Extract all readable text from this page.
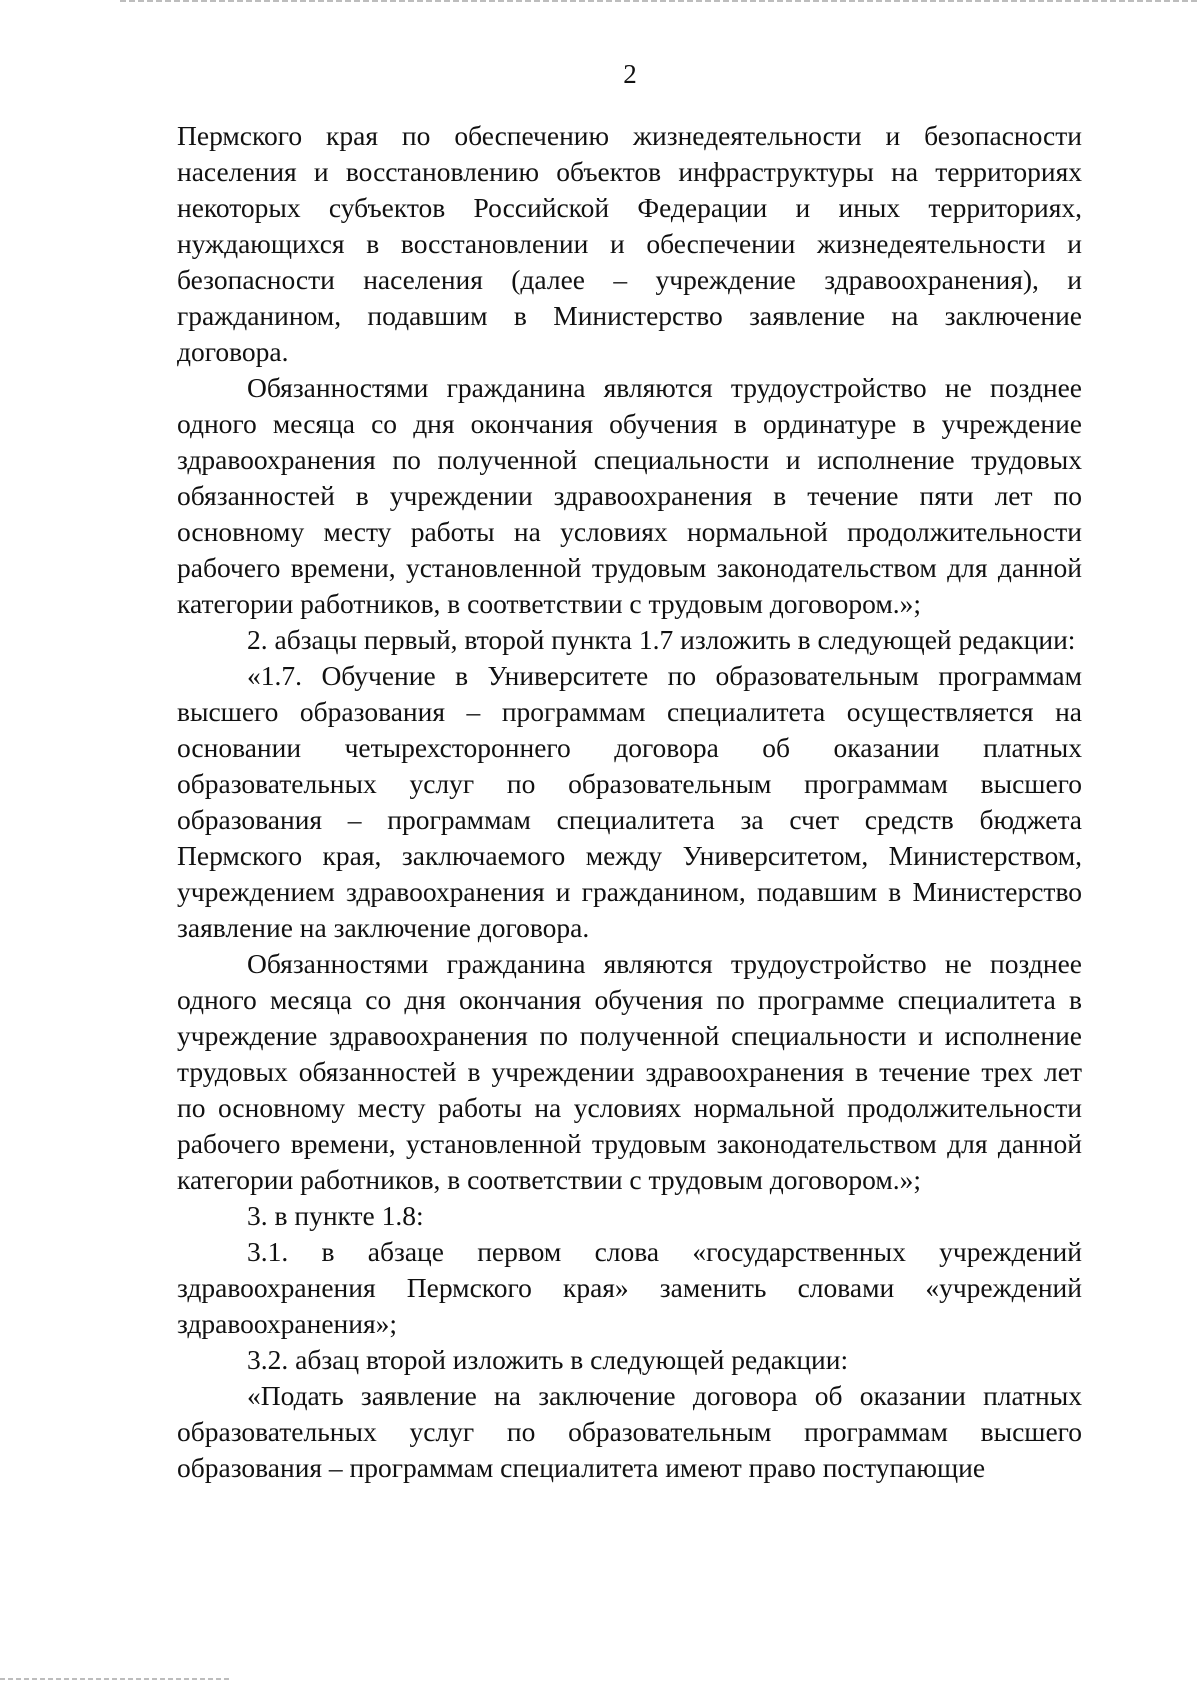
2

Пермского края по обеспечению жизнедеятельности и безопасности населения и восстановлению объектов инфраструктуры на территориях некоторых субъектов Российской Федерации и иных территориях, нуждающихся в восстановлении и обеспечении жизнедеятельности и безопасности населения (далее – учреждение здравоохранения), и гражданином, подавшим в Министерство заявление на заключение договора.

Обязанностями гражданина являются трудоустройство не позднее одного месяца со дня окончания обучения в ординатуре в учреждение здравоохранения по полученной специальности и исполнение трудовых обязанностей в учреждении здравоохранения в течение пяти лет по основному месту работы на условиях нормальной продолжительности рабочего времени, установленной трудовым законодательством для данной категории работников, в соответствии с трудовым договором.»;

2. абзацы первый, второй пункта 1.7 изложить в следующей редакции:

«1.7. Обучение в Университете по образовательным программам высшего образования – программам специалитета осуществляется на основании четырехстороннего договора об оказании платных образовательных услуг по образовательным программам высшего образования – программам специалитета за счет средств бюджета Пермского края, заключаемого между Университетом, Министерством, учреждением здравоохранения и гражданином, подавшим в Министерство заявление на заключение договора.

Обязанностями гражданина являются трудоустройство не позднее одного месяца со дня окончания обучения по программе специалитета в учреждение здравоохранения по полученной специальности и исполнение трудовых обязанностей в учреждении здравоохранения в течение трех лет по основному месту работы на условиях нормальной продолжительности рабочего времени, установленной трудовым законодательством для данной категории работников, в соответствии с трудовым договором.»;

3. в пункте 1.8:

3.1. в абзаце первом слова «государственных учреждений здравоохранения Пермского края» заменить словами «учреждений здравоохранения»;

3.2. абзац второй изложить в следующей редакции:

«Подать заявление на заключение договора об оказании платных образовательных услуг по образовательным программам высшего образования – программам специалитета имеют право поступающие
